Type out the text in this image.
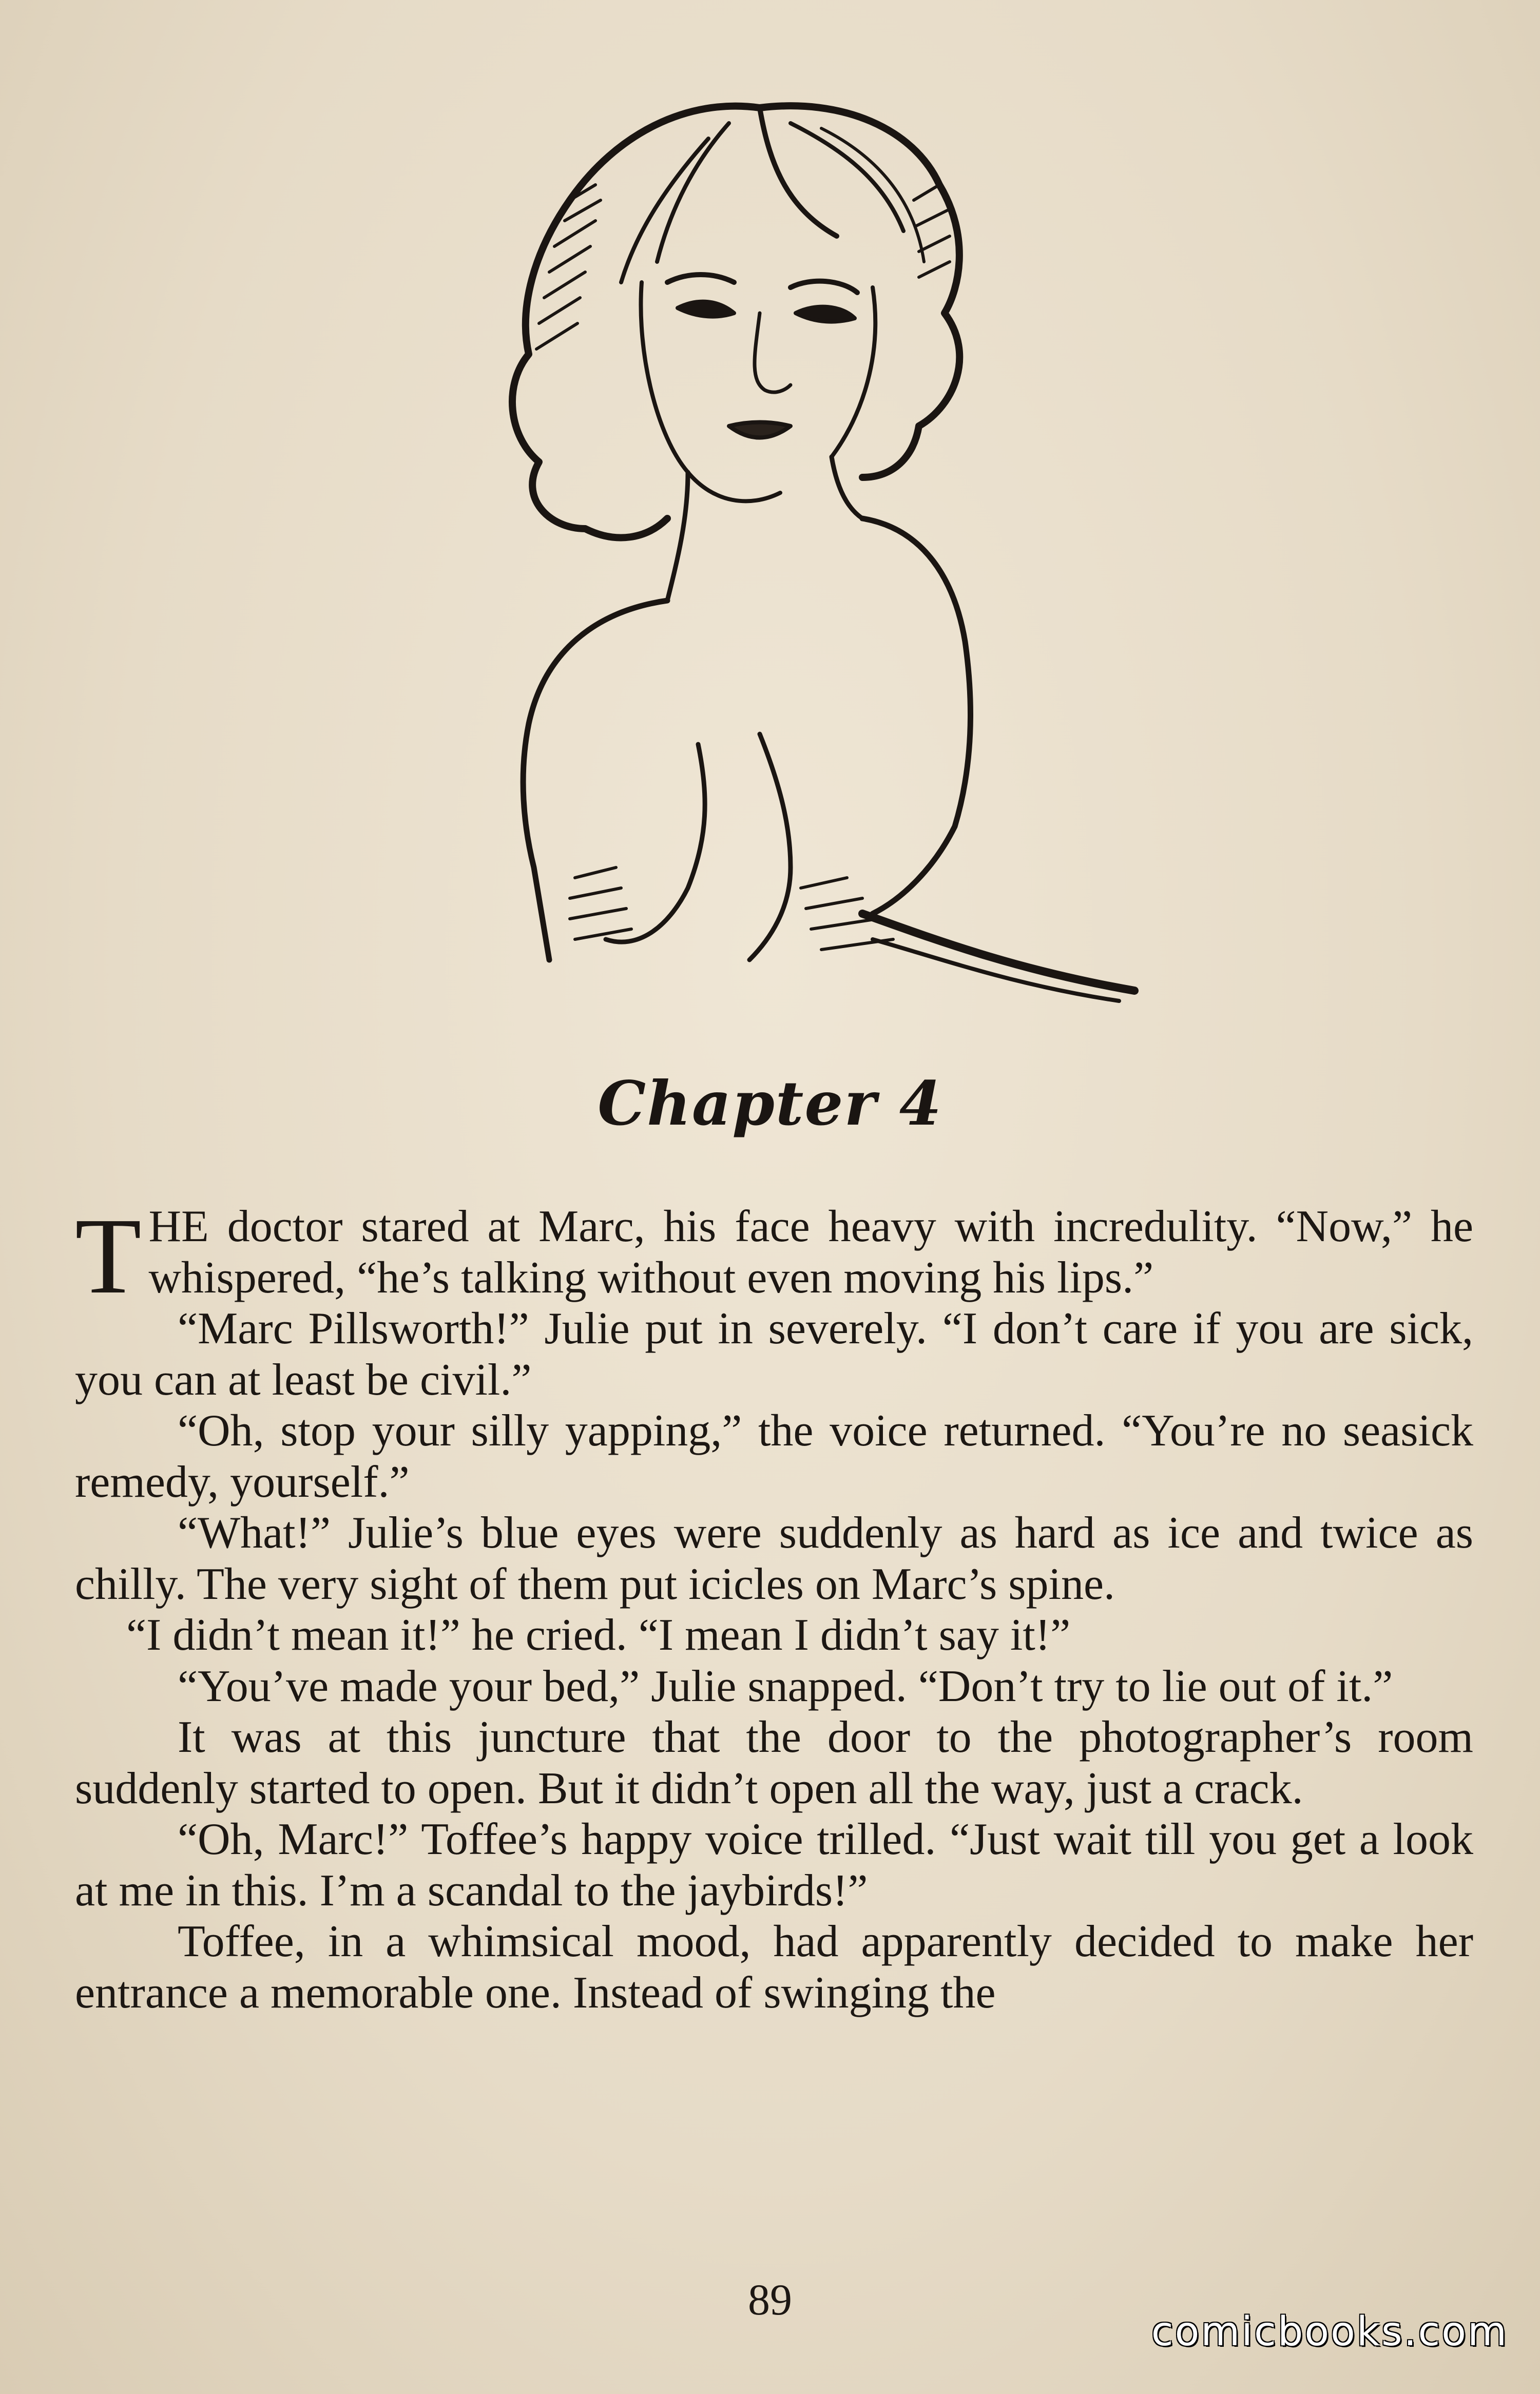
Chapter 4

THE doctor stared at Marc, his face heavy with incredulity. “Now,” he whispered, “he’s talking without even moving his lips.”

“Marc Pillsworth!” Julie put in severely. “I don’t care if you are sick, you can at least be civil.”

“Oh, stop your silly yapping,” the voice returned. “You’re no seasick remedy, yourself.”

“What!” Julie’s blue eyes were suddenly as hard as ice and twice as chilly. The very sight of them put icicles on Marc’s spine.

“I didn’t mean it!” he cried. “I mean I didn’t say it!”

“You’ve made your bed,” Julie snapped. “Don’t try to lie out of it.”

It was at this juncture that the door to the photographer’s room suddenly started to open. But it didn’t open all the way, just a crack.

“Oh, Marc!” Toffee’s happy voice trilled. “Just wait till you get a look at me in this. I’m a scandal to the jaybirds!”

Toffee, in a whimsical mood, had apparently decided to make her entrance a memorable one. Instead of swinging the

89
comicbooks.com
